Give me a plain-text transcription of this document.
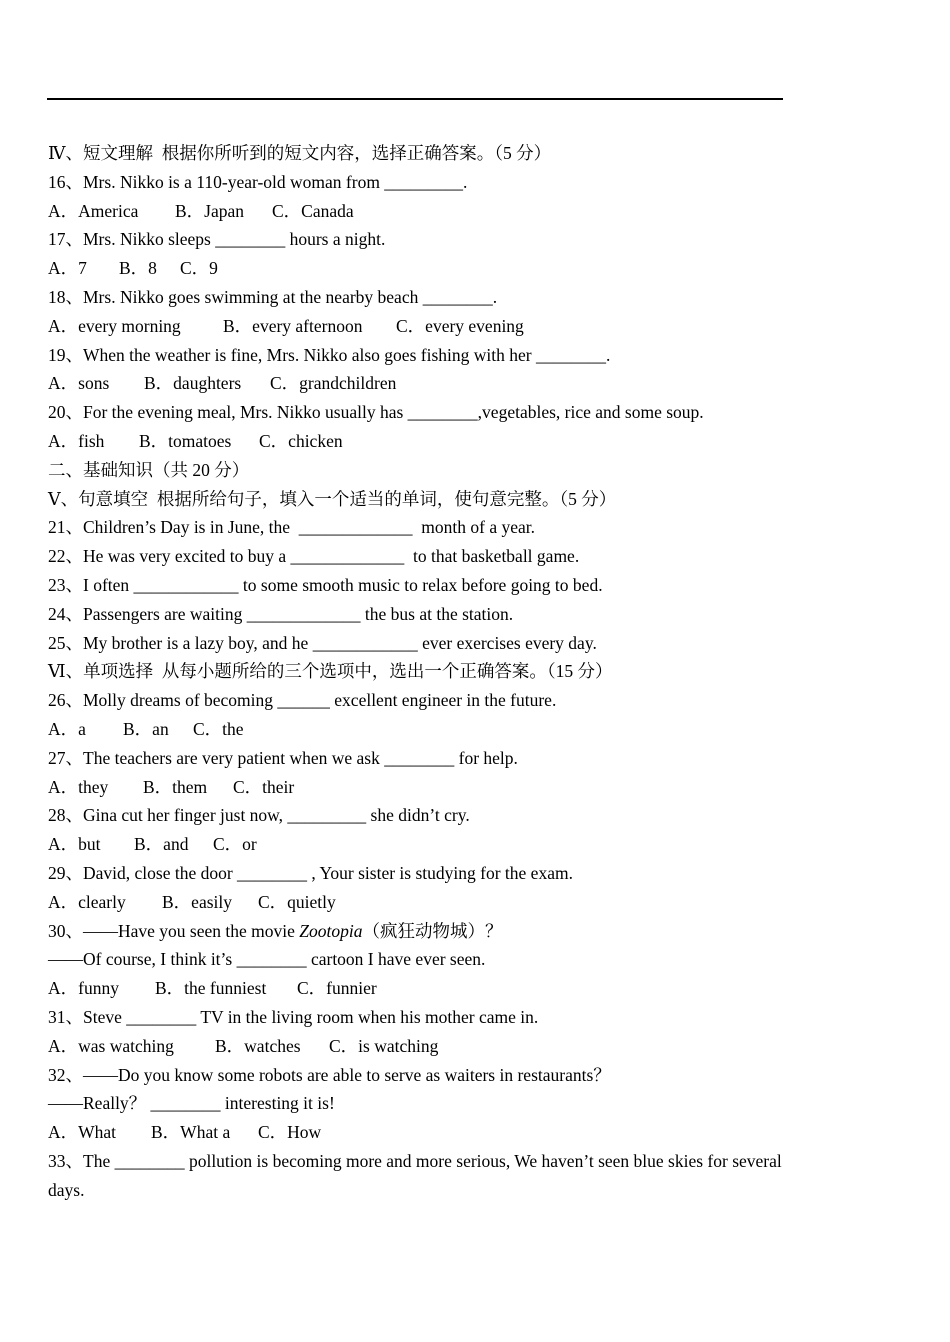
Ⅳ、短文理解  根据你所听到的短文内容，选择正确答案。（5 分）
16、Mrs. Nikko is a 110-year-old woman from _________.
A．America B．Japan C．Canada
17、Mrs. Nikko sleeps ________ hours a night.
A．7 B．8 C．9
18、Mrs. Nikko goes swimming at the nearby beach ________.
A．every morning B．every afternoon C．every evening
19、When the weather is fine, Mrs. Nikko also goes fishing with her ________.
A．sons B．daughters C．grandchildren
20、For the evening meal, Mrs. Nikko usually has ________,vegetables, rice and some soup.
A．fish B．tomatoes C．chicken
二、基础知识（共 20 分）
Ⅴ、句意填空  根据所给句子，填入一个适当的单词，使句意完整。（5 分）
21、Children’s Day is in June, the  _____________  month of a year.
22、He was very excited to buy a _____________  to that basketball game.
23、I often ____________ to some smooth music to relax before going to bed.
24、Passengers are waiting _____________ the bus at the station.
25、My brother is a lazy boy, and he ____________ ever exercises every day.
Ⅵ、单项选择  从每小题所给的三个选项中，选出一个正确答案。（15 分）
26、Molly dreams of becoming ______ excellent engineer in the future.
A．a B．an C．the
27、The teachers are very patient when we ask ________ for help.
A．they B．them C．their
28、Gina cut her finger just now, _________ she didn’t cry.
A．but B．and C．or
29、David, close the door ________ , Your sister is studying for the exam.
A．clearly B．easily C．quietly
30、——Have you seen the movie Zootopia（疯狂动物城）？
——Of course, I think it’s ________ cartoon I have ever seen.
A．funny B．the funniest C．funnier
31、Steve ________ TV in the living room when his mother came in.
A．was watching B．watches C．is watching
32、——Do you know some robots are able to serve as waiters in restaurants？
——Really？ ________ interesting it is!
A．What B．What a C．How
33、The ________ pollution is becoming more and more serious, We haven’t seen blue skies for several days.
